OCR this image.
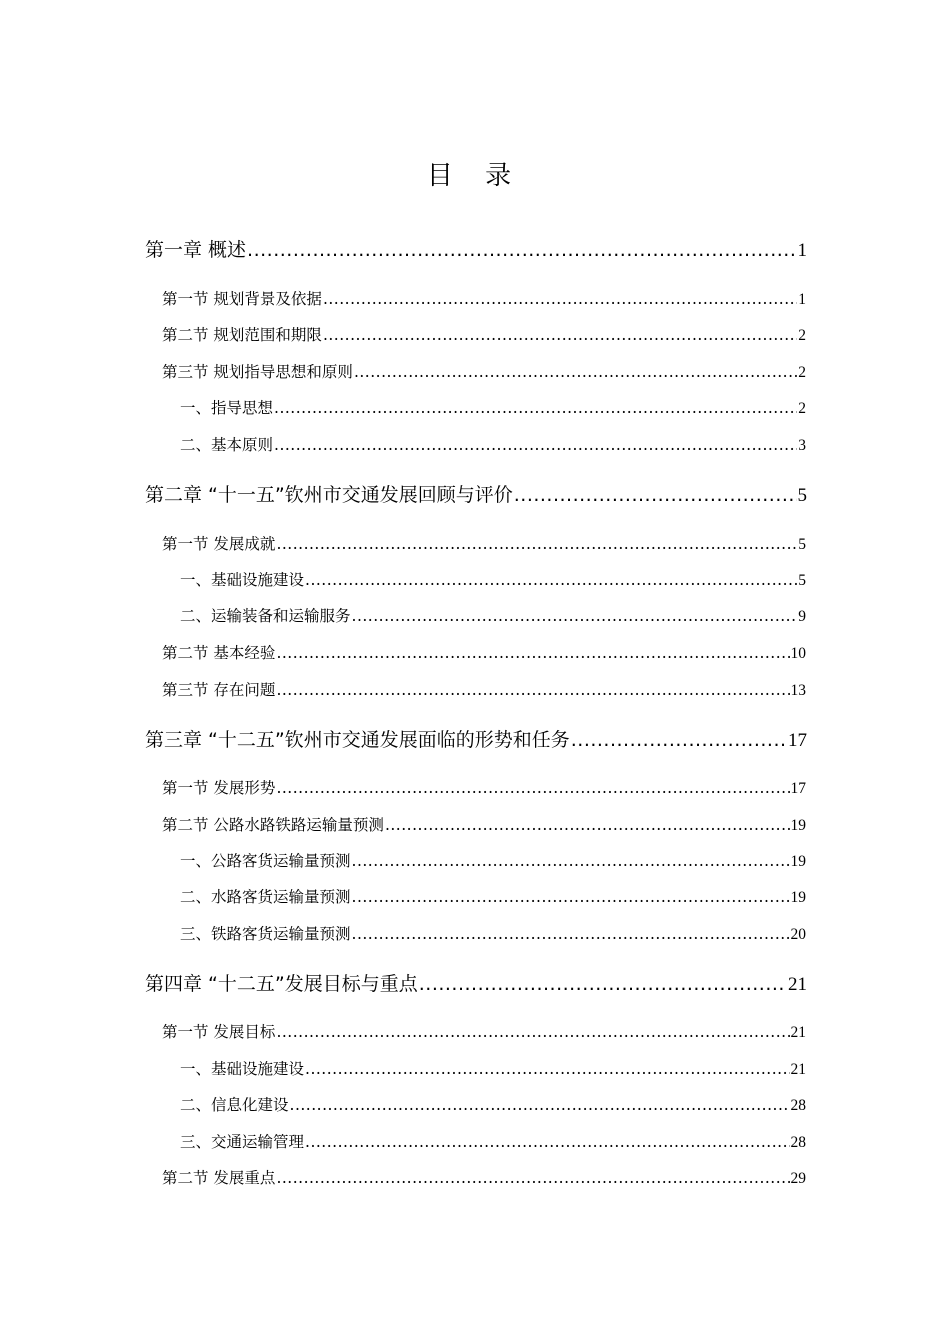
目 录
第一章 概述 .....	1
第一节 规划背景及依据 .....	1
第二节 规划范围和期限 .....	2
第三节 规划指导思想和原则 .....	2
一、指导思想 .....	2
二、基本原则 .....	3
第二章 “十一五”钦州市交通发展回顾与评价 .....	5
第一节 发展成就 .....	5
一、基础设施建设 .....	5
二、运输装备和运输服务 .....	9
第二节 基本经验 .....	10
第三节 存在问题 .....	13
第三章 “十二五”钦州市交通发展面临的形势和任务 .....	17
第一节 发展形势 .....	17
第二节 公路水路铁路运输量预测 .....	19
一、公路客货运输量预测 .....	19
二、水路客货运输量预测 .....	19
三、铁路客货运输量预测 .....	20
第四章 “十二五”发展目标与重点 .....	21
第一节 发展目标 .....	21
一、基础设施建设 .....	21
二、信息化建设 .....	28
三、交通运输管理 .....	28
第二节 发展重点 .....	29
